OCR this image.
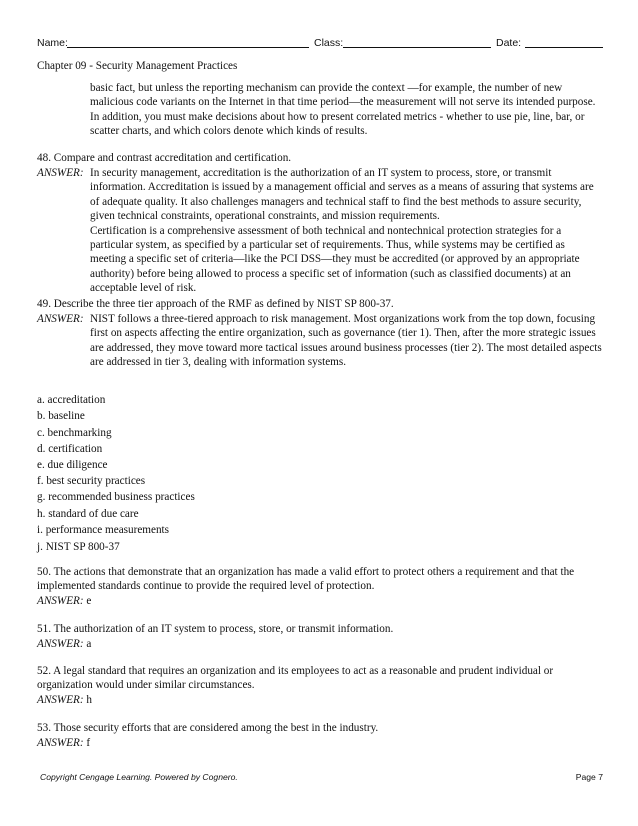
Name:	Class:	Date:
Chapter 09 - Security Management Practices

basic fact, but unless the reporting mechanism can provide the context —for example, the number of new malicious code variants on the Internet in that time period—the measurement will not serve its intended purpose. In addition, you must make decisions about how to present correlated metrics - whether to use pie, line, bar, or scatter charts, and which colors denote which kinds of results.

48. Compare and contrast accreditation and certification.
ANSWER: In security management, accreditation is the authorization of an IT system to process, store, or transmit information. Accreditation is issued by a management official and serves as a means of assuring that systems are of adequate quality. It also challenges managers and technical staff to find the best methods to assure security, given technical constraints, operational constraints, and mission requirements.

Certification is a comprehensive assessment of both technical and nontechnical protection strategies for a particular system, as specified by a particular set of requirements. Thus, while systems may be certified as meeting a specific set of criteria—like the PCI DSS—they must be accredited (or approved by an appropriate authority) before being allowed to process a specific set of information (such as classified documents) at an acceptable level of risk.

49. Describe the three tier approach of the RMF as defined by NIST SP 800-37.
ANSWER: NIST follows a three-tiered approach to risk management. Most organizations work from the top down, focusing first on aspects affecting the entire organization, such as governance (tier 1). Then, after the more strategic issues are addressed, they move toward more tactical issues around business processes (tier 2). The most detailed aspects are addressed in tier 3, dealing with information systems.

a. accreditation
b. baseline
c. benchmarking
d. certification
e. due diligence
f. best security practices
g. recommended business practices
h. standard of due care
i. performance measurements
j. NIST SP 800-37
50. The actions that demonstrate that an organization has made a valid effort to protect others a requirement and that the implemented standards continue to provide the required level of protection.
ANSWER: e
51. The authorization of an IT system to process, store, or transmit information.
ANSWER: a
52. A legal standard that requires an organization and its employees to act as a reasonable and prudent individual or organization would under similar circumstances.
ANSWER: h
53. Those security efforts that are considered among the best in the industry.
ANSWER: f
Copyright Cengage Learning. Powered by Cognero.	Page 7
